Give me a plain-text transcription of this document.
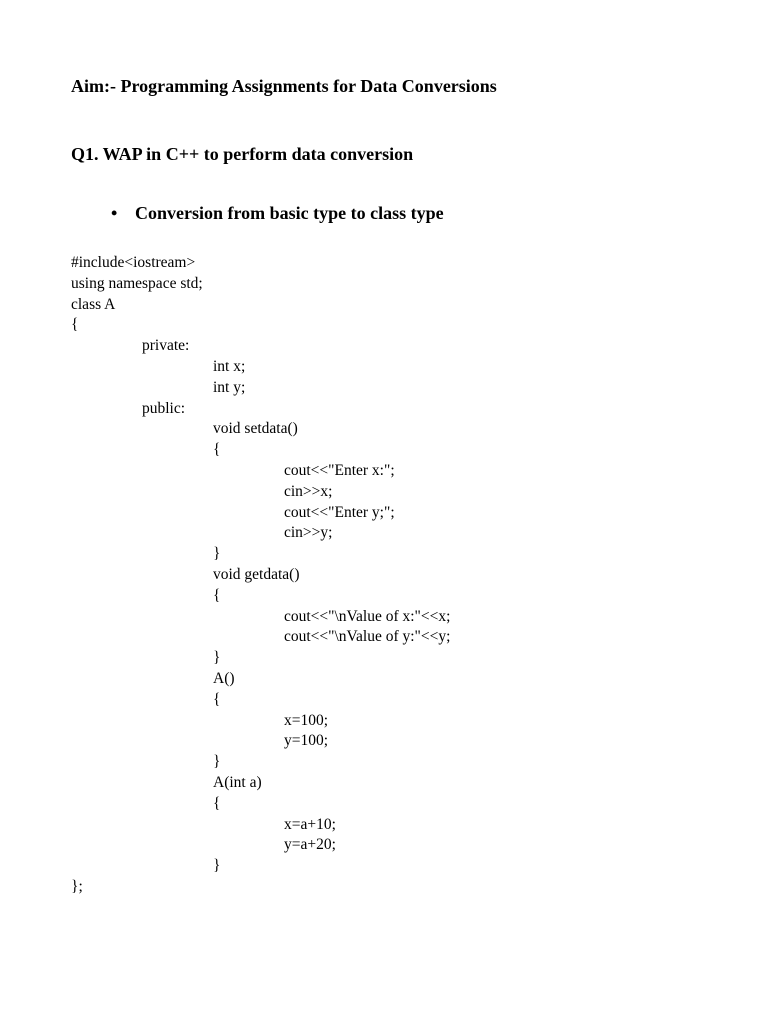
Aim:- Programming Assignments for Data Conversions
Q1. WAP in C++ to perform data conversion

• Conversion from basic type to class type

#include<iostream>
using namespace std;
class A
{
private:
int x;
int y;
public:
void setdata()
{
cout<<"Enter x:";
cin>>x;
cout<<"Enter y;";
cin>>y;
}
void getdata()
{
cout<<"\nValue of x:"<<x;
cout<<"\nValue of y:"<<y;
}
A()
{
x=100;
y=100;
}
A(int a)
{
x=a+10;
y=a+20;
}
};
